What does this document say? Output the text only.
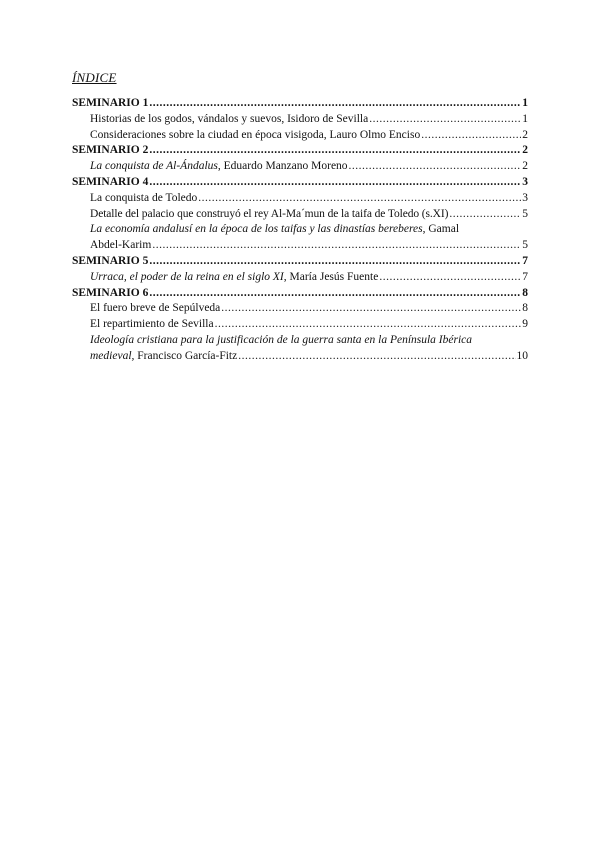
ÍNDICE
SEMINARIO 1 .....	1
Historias de los godos, vándalos y suevos, Isidoro de Sevilla .....	1
Consideraciones sobre la ciudad en época visigoda, Lauro Olmo Enciso .....	2
SEMINARIO 2 .....	2
La conquista de Al-Ándalus, Eduardo Manzano Moreno .....	2
SEMINARIO 4 .....	3
La conquista de Toledo .....	3
Detalle del palacio que construyó el rey Al-Ma´mun de la taifa de Toledo (s.XI) .....	5
La economía andalusí en la época de los taifas y las dinastías bereberes, Gamal
Abdel-Karim .....	5
SEMINARIO 5 .....	7
Urraca, el poder de la reina en el siglo XI, María Jesús Fuente .....	7
SEMINARIO 6 .....	8
El fuero breve de Sepúlveda .....	8
El repartimiento de Sevilla .....	9
Ideología cristiana para la justificación de la guerra santa en la Península Ibérica
medieval, Francisco García-Fitz .....	10
